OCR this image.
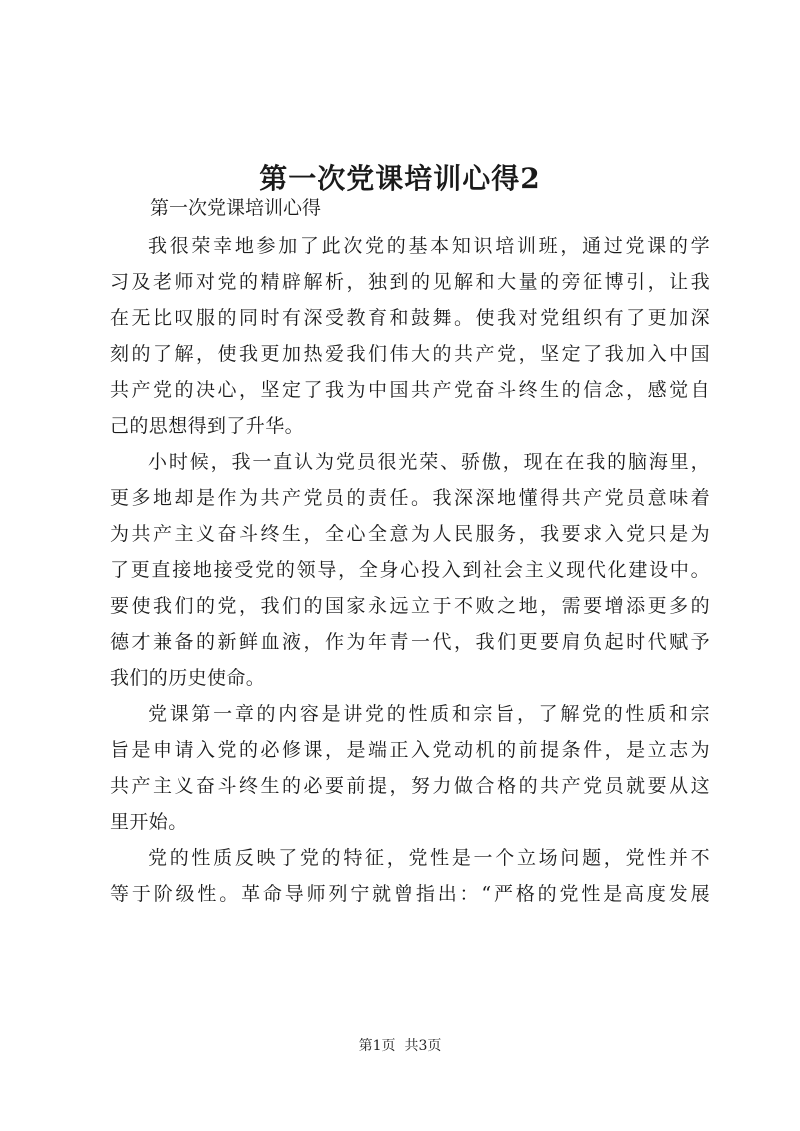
第一次党课培训心得2

第一次党课培训心得

我很荣幸地参加了此次党的基本知识培训班，通过党课的学
习及老师对党的精辟解析，独到的见解和大量的旁征博引，让我
在无比叹服的同时有深受教育和鼓舞。使我对党组织有了更加深
刻的了解，使我更加热爱我们伟大的共产党，坚定了我加入中国
共产党的决心，坚定了我为中国共产党奋斗终生的信念，感觉自
己的思想得到了升华。
小时候，我一直认为党员很光荣、骄傲，现在在我的脑海里，
更多地却是作为共产党员的责任。我深深地懂得共产党员意味着
为共产主义奋斗终生，全心全意为人民服务，我要求入党只是为
了更直接地接受党的领导，全身心投入到社会主义现代化建设中。
要使我们的党，我们的国家永远立于不败之地，需要增添更多的
德才兼备的新鲜血液，作为年青一代，我们更要肩负起时代赋予
我们的历史使命。
党课第一章的内容是讲党的性质和宗旨，了解党的性质和宗
旨是申请入党的必修课，是端正入党动机的前提条件，是立志为
共产主义奋斗终生的必要前提，努力做合格的共产党员就要从这
里开始。
党的性质反映了党的特征，党性是一个立场问题，党性并不
等于阶级性。革命导师列宁就曾指出：“严格的党性是高度发展
第1页  共3页
